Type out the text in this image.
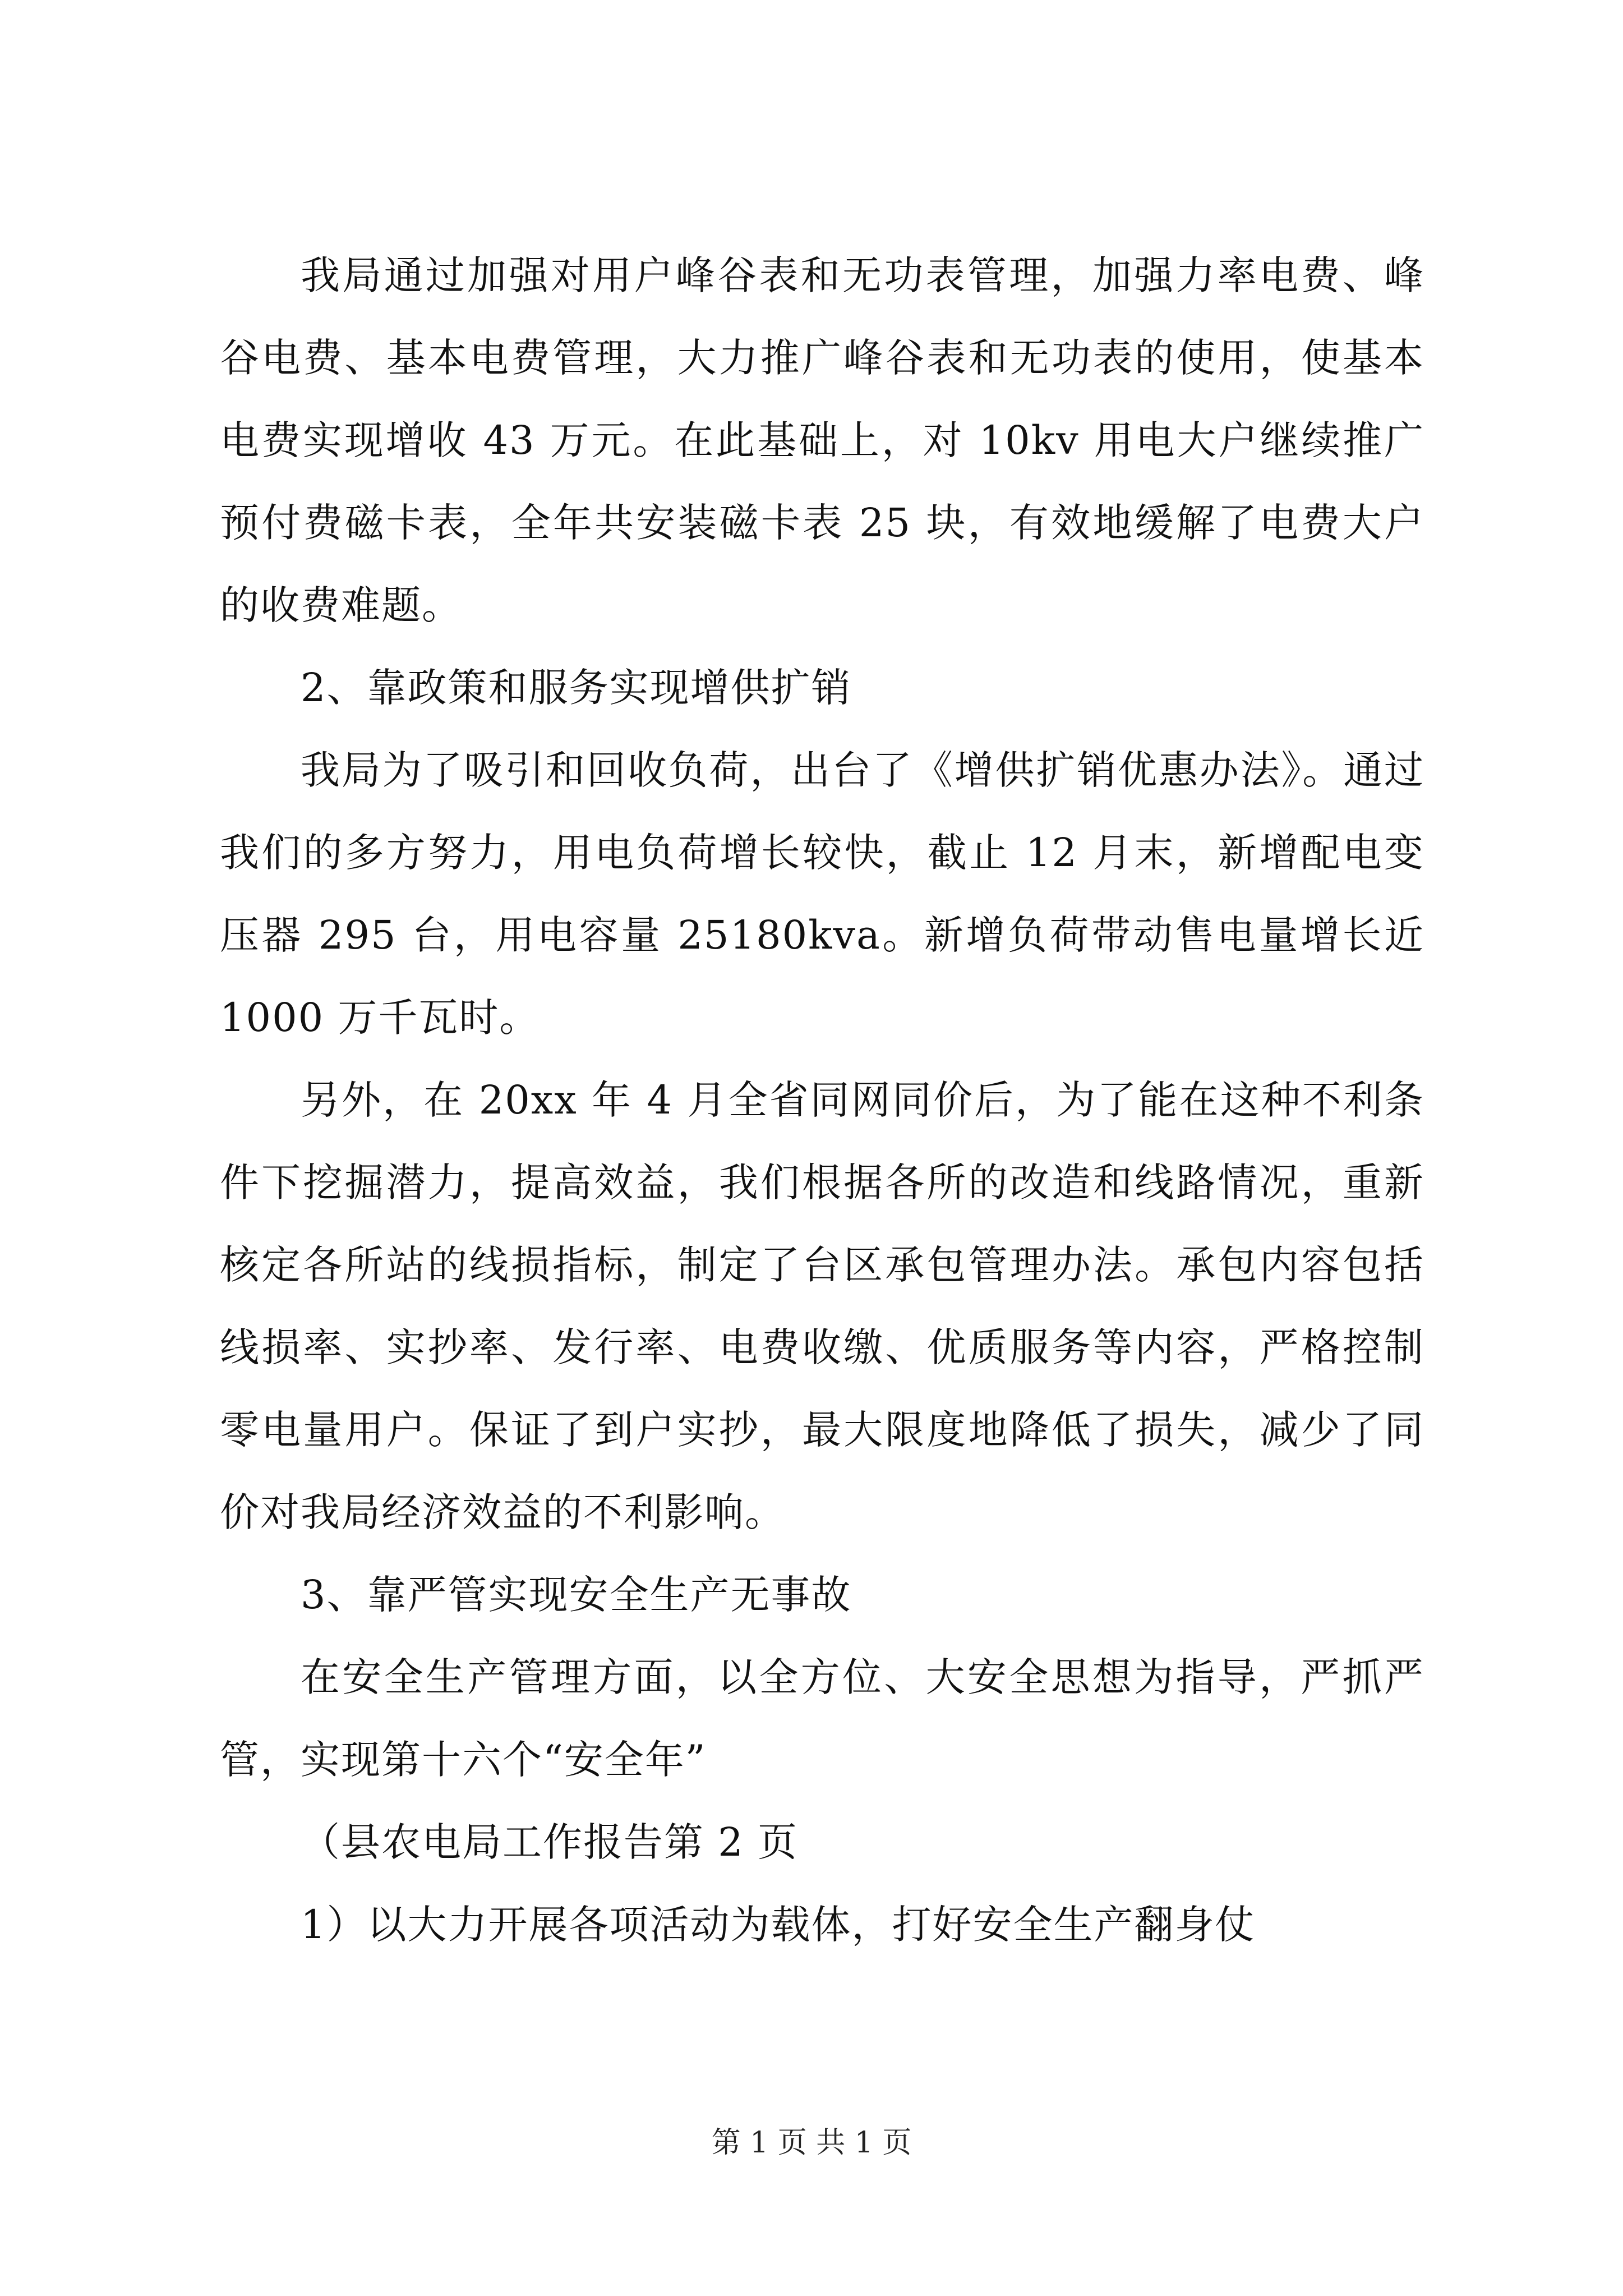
我局通过加强对用户峰谷表和无功表管理，加强力率电费、峰谷电费、基本电费管理，大力推广峰谷表和无功表的使用，使基本电费实现增收 43 万元。在此基础上，对 10kv 用电大户继续推广预付费磁卡表，全年共安装磁卡表 25 块，有效地缓解了电费大户的收费难题。

2、靠政策和服务实现增供扩销

我局为了吸引和回收负荷，出台了《增供扩销优惠办法》。通过我们的多方努力，用电负荷增长较快，截止 12 月末，新增配电变压器 295 台，用电容量 25180kva。新增负荷带动售电量增长近 1000 万千瓦时。

另外，在 20xx 年 4 月全省同网同价后，为了能在这种不利条件下挖掘潜力，提高效益，我们根据各所的改造和线路情况，重新核定各所站的线损指标，制定了台区承包管理办法。承包内容包括线损率、实抄率、发行率、电费收缴、优质服务等内容，严格控制零电量用户。保证了到户实抄，最大限度地降低了损失，减少了同价对我局经济效益的不利影响。

3、靠严管实现安全生产无事故

在安全生产管理方面，以全方位、大安全思想为指导，严抓严管，实现第十六个“安全年”

（县农电局工作报告第 2 页

1）以大力开展各项活动为载体，打好安全生产翻身仗

第 1 页 共 1 页
